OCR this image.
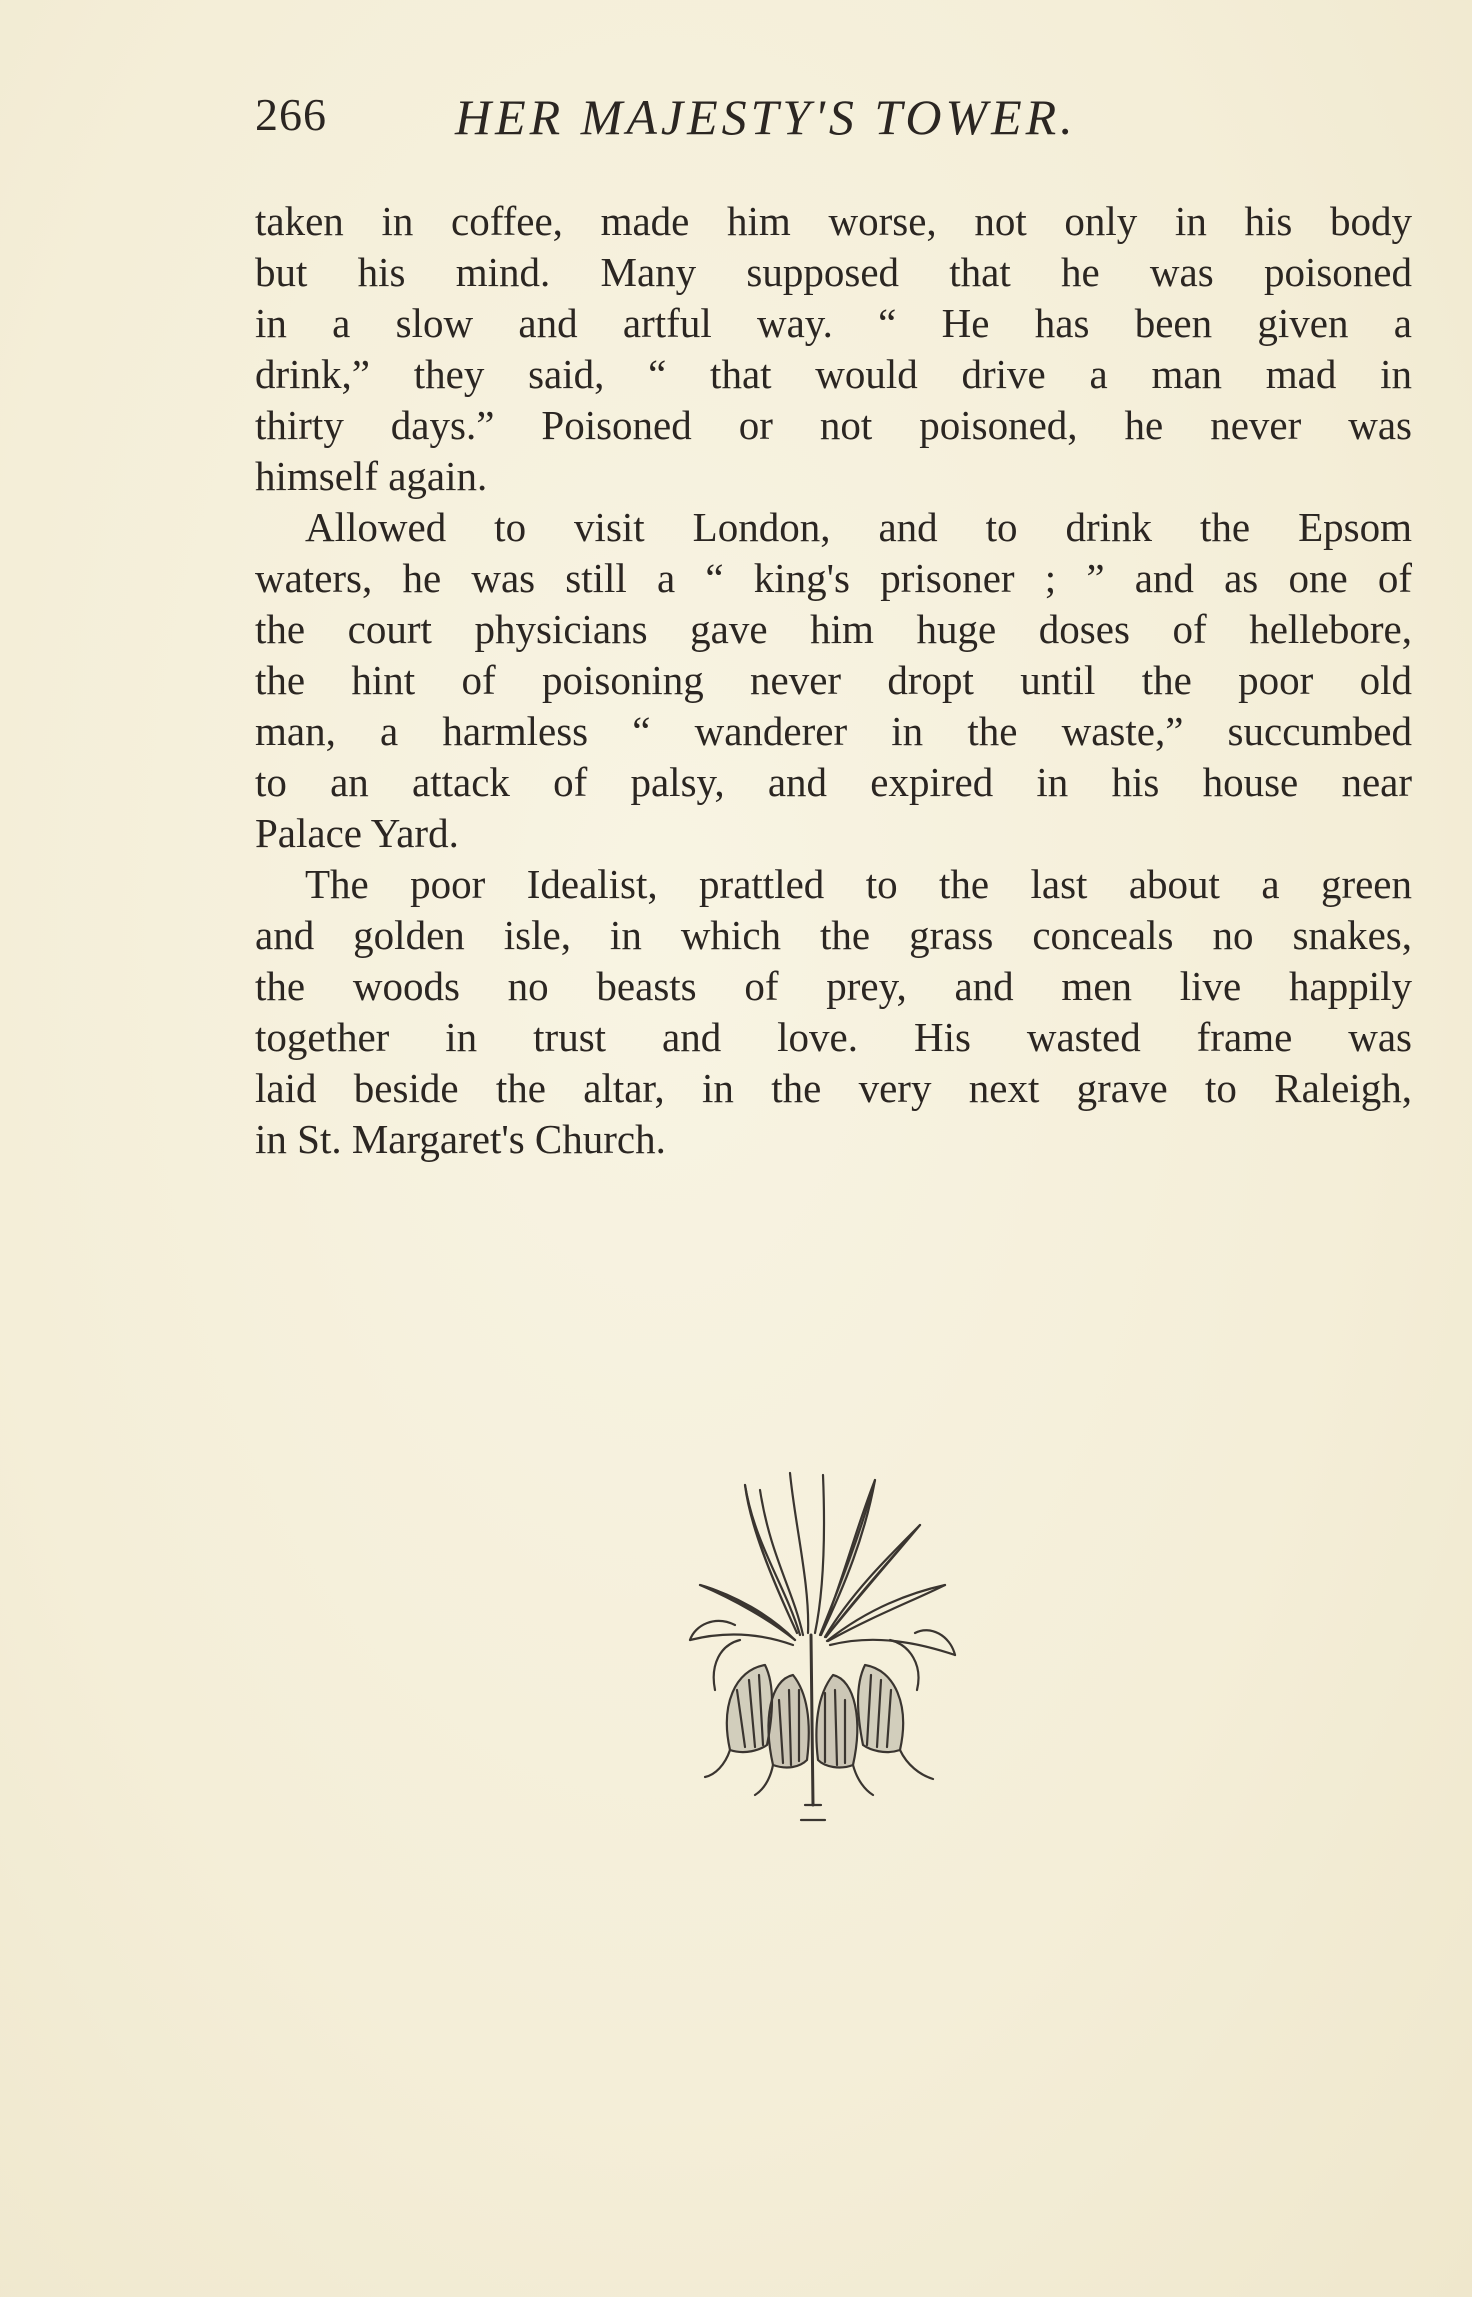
266	HER MAJESTY'S TOWER.
taken in coffee, made him worse, not only in his body
but his mind. Many supposed that he was poisoned
in a slow and artful way. “ He has been given a
drink,” they said, “ that would drive a man mad in
thirty days.” Poisoned or not poisoned, he never was
himself again.
Allowed to visit London, and to drink the Epsom
waters, he was still a “ king's prisoner ; ” and as one of
the court physicians gave him huge doses of hellebore,
the hint of poisoning never dropt until the poor old
man, a harmless “ wanderer in the waste,” succumbed
to an attack of palsy, and expired in his house near
Palace Yard.
The poor Idealist, prattled to the last about a green
and golden isle, in which the grass conceals no snakes,
the woods no beasts of prey, and men live happily
together in trust and love. His wasted frame was
laid beside the altar, in the very next grave to Raleigh,
in St. Margaret's Church.
